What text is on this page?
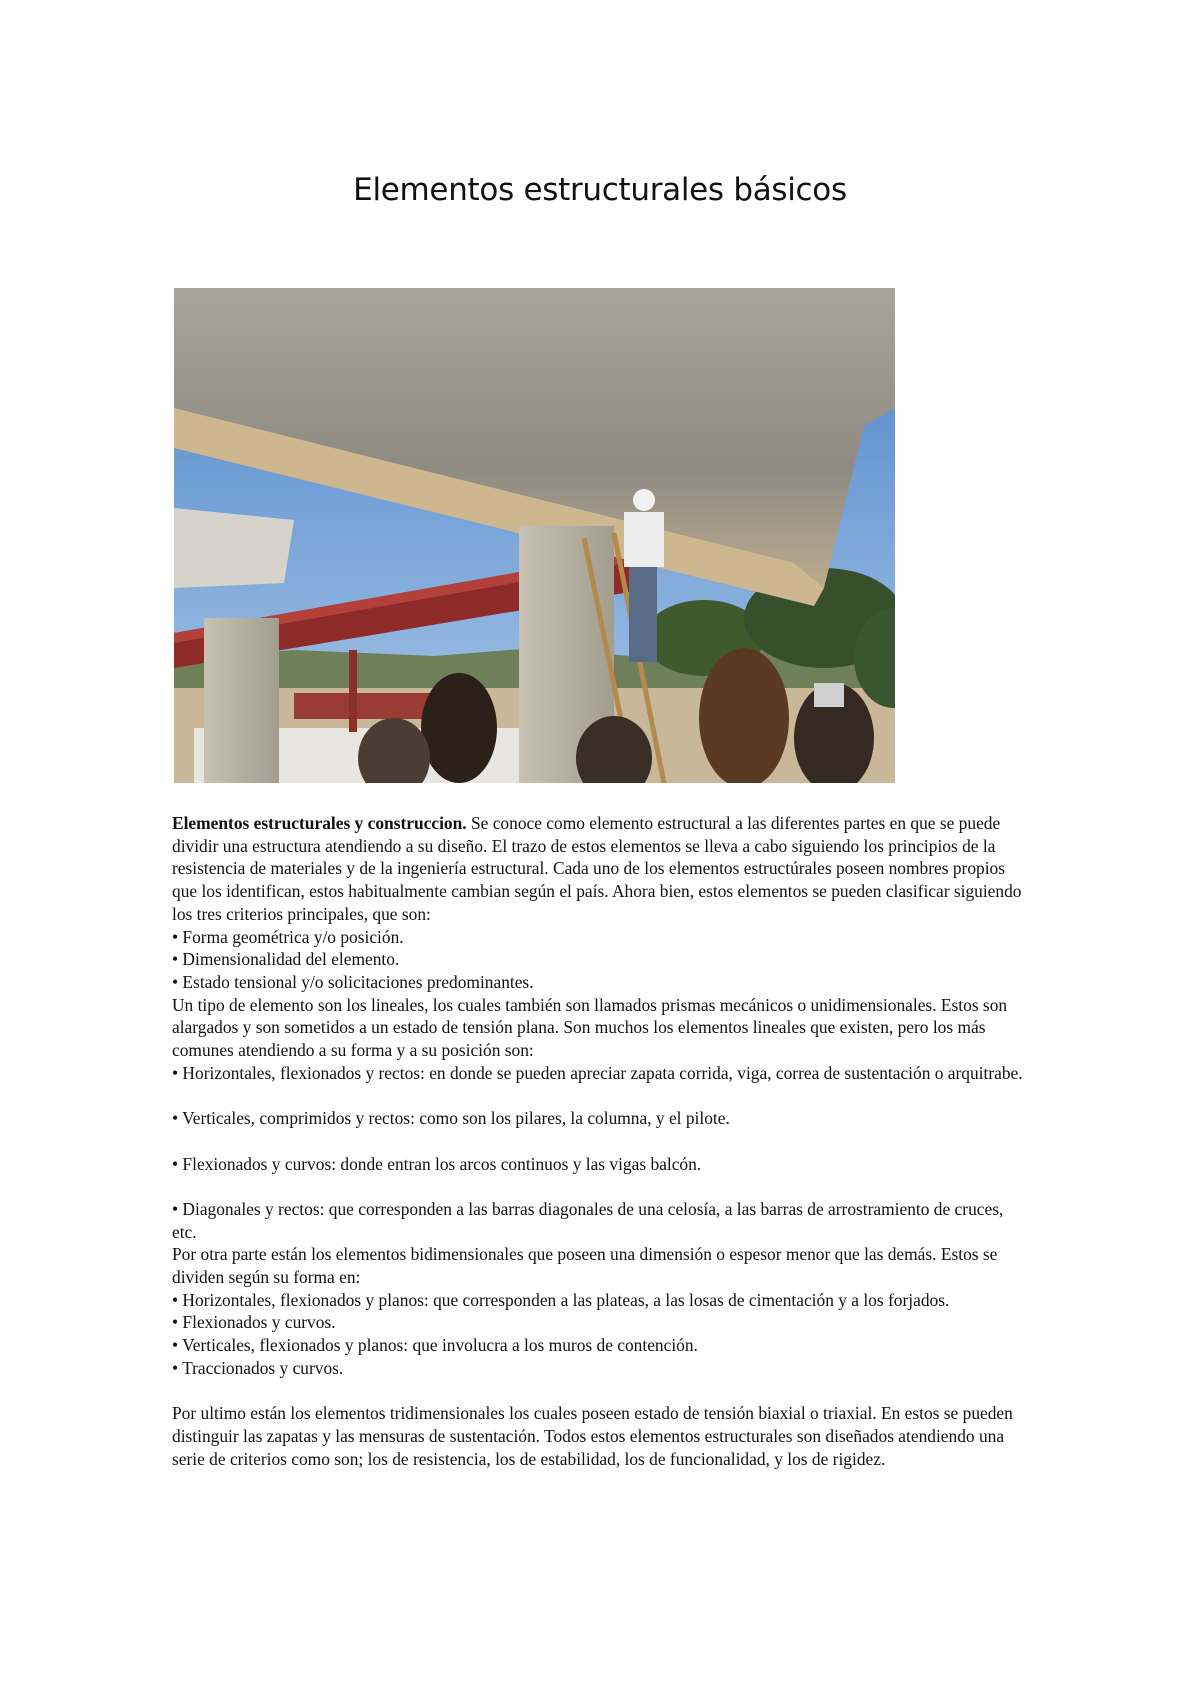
Elementos estructurales básicos

Elementos estructurales y construccion. Se conoce como elemento estructural a las diferentes partes en que se puede dividir una estructura atendiendo a su diseño. El trazo de estos elementos se lleva a cabo siguiendo los principios de la resistencia de materiales y de la ingeniería estructural. Cada uno de los elementos estructúrales poseen nombres propios que los identifican, estos habitualmente cambian según el país. Ahora bien, estos elementos se pueden clasificar siguiendo los tres criterios principales, que son:

• Forma geométrica y/o posición.

• Dimensionalidad del elemento.

• Estado tensional y/o solicitaciones predominantes.

Un tipo de elemento son los lineales, los cuales también son llamados prismas mecánicos o unidimensionales. Estos son alargados y son sometidos a un estado de tensión plana. Son muchos los elementos lineales que existen, pero los más comunes atendiendo a su forma y a su posición son:

• Horizontales, flexionados y rectos: en donde se pueden apreciar zapata corrida, viga, correa de sustentación o arquitrabe.

• Verticales, comprimidos y rectos: como son los pilares, la columna, y el pilote.

• Flexionados y curvos: donde entran los arcos continuos y las vigas balcón.

• Diagonales y rectos: que corresponden a las barras diagonales de una celosía, a las barras de arrostramiento de cruces, etc.

Por otra parte están los elementos bidimensionales que poseen una dimensión o espesor menor que las demás. Estos se dividen según su forma en:

• Horizontales, flexionados y planos: que corresponden a las plateas, a las losas de cimentación y a los forjados.

• Flexionados y curvos.

• Verticales, flexionados y planos: que involucra a los muros de contención.

• Traccionados y curvos.

Por ultimo están los elementos tridimensionales los cuales poseen estado de tensión biaxial o triaxial. En estos se pueden distinguir las zapatas y las mensuras de sustentación. Todos estos elementos estructurales son diseñados atendiendo una serie de criterios como son; los de resistencia, los de estabilidad, los de funcionalidad, y los de rigidez.
